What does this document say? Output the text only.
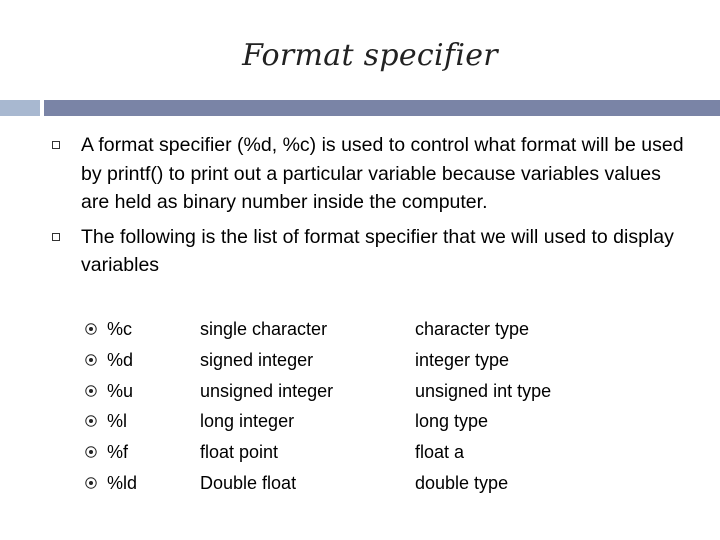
Format specifier
A format specifier (%d, %c) is used to control what format will be used by printf() to print out a particular variable because variables values are held as binary number inside the computer.
The following is the list of format specifier that we will used to display variables
%c	single character	character type
%d	signed integer	integer type
%u	unsigned integer	unsigned int type
%l	long integer	long type
%f	float point	float a
%ld	Double float	double type
